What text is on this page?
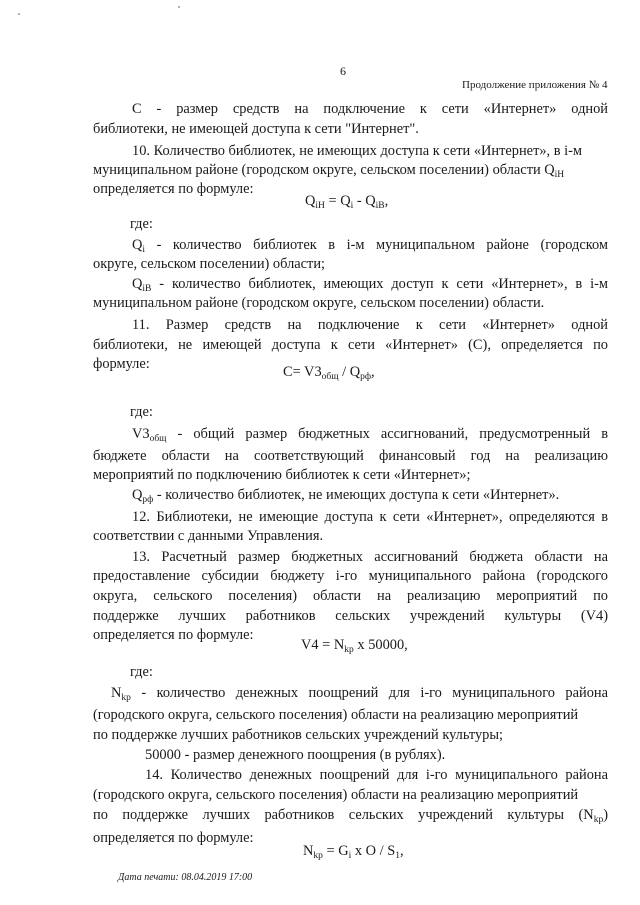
6
Продолжение приложения № 4
C - размер средств на подключение к сети «Интернет» одной
библиотеки, не имеющей доступа к сети "Интернет".
10. Количество библиотек, не имеющих доступа к сети «Интернет», в i-м
муниципальном районе (городском округе, сельском поселении) области $Q_{iH}$
определяется по формуле:
$Q_{iH} = Q_i - Q_{iB}$,
где:
$Q_i$ - количество библиотек в i-м муниципальном районе (городском
округе, сельском поселении) области;
$Q_{iB}$ - количество библиотек, имеющих доступ к сети «Интернет», в i-м
муниципальном районе (городском округе, сельском поселении) области.
11. Размер средств на подключение к сети «Интернет» одной
библиотеки, не имеющей доступа к сети «Интернет» (C), определяется по
формуле:	$C= V3_{общ} / Q_{рф}$,
где:
$V3_{общ}$ - общий размер бюджетных ассигнований, предусмотренный в
бюджете области на соответствующий финансовый год на реализацию
мероприятий по подключению библиотек к сети «Интернет»;
$Q_{рф}$ - количество библиотек, не имеющих доступа к сети «Интернет».
12. Библиотеки, не имеющие доступа к сети «Интернет», определяются в
соответствии с данными Управления.
13. Расчетный размер бюджетных ассигнований бюджета области на
предоставление субсидии бюджету i-го муниципального района (городского
округа, сельского поселения) области на реализацию мероприятий по
поддержке лучших работников сельских учреждений культуры (V4)
определяется по формуле:
$V4 = N_{kp}$ x 50000,
где:
$N_{kp}$ - количество денежных поощрений для i-го муниципального района
(городского округа, сельского поселения) области на реализацию мероприятий
по поддержке лучших работников сельских учреждений культуры;
50000 - размер денежного поощрения (в рублях).
14. Количество денежных поощрений для i-го муниципального района
(городского округа, сельского поселения) области на реализацию мероприятий
по поддержке лучших работников сельских учреждений культуры $(N_{kp})$
определяется по формуле:
$N_{kp} = G_i$ x O / $S_1$,
Дата печати: 08.04.2019 17:00
